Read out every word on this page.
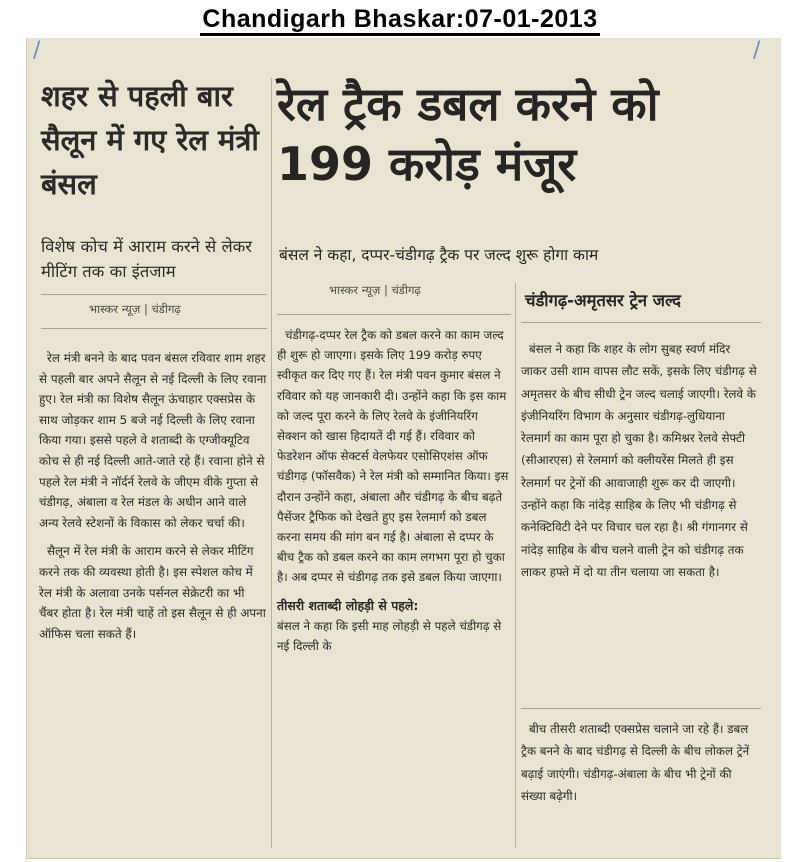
Chandigarh Bhaskar:07-01-2013
/	/
शहर से पहली बार सैलून में गए रेल मंत्री बंसल
विशेष कोच में आराम करने से लेकर मीटिंग तक का इंतजाम
भास्कर न्यूज़ | चंडीगढ़

रेल मंत्री बनने के बाद पवन बंसल रविवार शाम शहर से पहली बार अपने सैलून से नई दिल्ली के लिए रवाना हुए। रेल मंत्री का विशेष सैलून ऊंचाहार एक्सप्रेस के साथ जोड़कर शाम 5 बजे नई दिल्ली के लिए रवाना किया गया। इससे पहले वे शताब्दी के एग्जीक्यूटिव कोच से ही नई दिल्ली आते-जाते रहे हैं। रवाना होने से पहले रेल मंत्री ने नॉर्दर्न रेलवे के जीएम वीके गुप्ता से चंडीगढ़, अंबाला व रेल मंडल के अधीन आने वाले अन्य रेलवे स्टेशनों के विकास को लेकर चर्चा की।

सैलून में रेल मंत्री के आराम करने से लेकर मीटिंग करने तक की व्यवस्था होती है। इस स्पेशल कोच में रेल मंत्री के अलावा उनके पर्सनल सेक्रेटरी का भी चैंबर होता है। रेल मंत्री चाहें तो इस सैलून से ही अपना ऑफिस चला सकते हैं।

रेल ट्रैक डबल करने को 199 करोड़ मंजूर
बंसल ने कहा, दप्पर-चंडीगढ़ ट्रैक पर जल्द शुरू होगा काम
भास्कर न्यूज़ | चंडीगढ़

चंडीगढ़-दप्पर रेल ट्रैक को डबल करने का काम जल्द ही शुरू हो जाएगा। इसके लिए 199 करोड़ रुपए स्वीकृत कर दिए गए हैं। रेल मंत्री पवन कुमार बंसल ने रविवार को यह जानकारी दी। उन्होंने कहा कि इस काम को जल्द पूरा करने के लिए रेलवे के इंजीनियरिंग सेक्शन को खास हिदायतें दी गई हैं। रविवार को फेडरेशन ऑफ सेक्टर्स वेलफेयर एसोसिएशंस ऑफ चंडीगढ़ (फॉसवैक) ने रेल मंत्री को सम्मानित किया। इस दौरान उन्होंने कहा, अंबाला और चंडीगढ़ के बीच बढ़ते पैसेंजर ट्रैफिक को देखते हुए इस रेलमार्ग को डबल करना समय की मांग बन गई है। अंबाला से दप्पर के बीच ट्रैक को डबल करने का काम लगभग पूरा हो चुका है। अब दप्पर से चंडीगढ़ तक इसे डबल किया जाएगा।

तीसरी शताब्दी लोहड़ी से पहले:
बंसल ने कहा कि इसी माह लोहड़ी से पहले चंडीगढ़ से नई दिल्ली के
चंडीगढ़-अमृतसर ट्रेन जल्द

बंसल ने कहा कि शहर के लोग सुबह स्वर्ण मंदिर जाकर उसी शाम वापस लौट सकें, इसके लिए चंडीगढ़ से अमृतसर के बीच सीधी ट्रेन जल्द चलाई जाएगी। रेलवे के इंजीनियरिंग विभाग के अनुसार चंडीगढ़-लुधियाना रेलमार्ग का काम पूरा हो चुका है। कमिश्नर रेलवे सेफ्टी (सीआरएस) से रेलमार्ग को क्लीयरेंस मिलते ही इस रेलमार्ग पर ट्रेनों की आवाजाही शुरू कर दी जाएगी। उन्होंने कहा कि नांदेड़ साहिब के लिए भी चंडीगढ़ से कनेक्टिविटी देने पर विचार चल रहा है। श्री गंगानगर से नांदेड़ साहिब के बीच चलने वाली ट्रेन को चंडीगढ़ तक लाकर हफ्ते में दो या तीन चलाया जा सकता है।

बीच तीसरी शताब्दी एक्सप्रेस चलाने जा रहे हैं। डबल ट्रैक बनने के बाद चंडीगढ़ से दिल्ली के बीच लोकल ट्रेनें बढ़ाई जाएंगी। चंडीगढ़-अंबाला के बीच भी ट्रेनों की संख्या बढ़ेगी।
